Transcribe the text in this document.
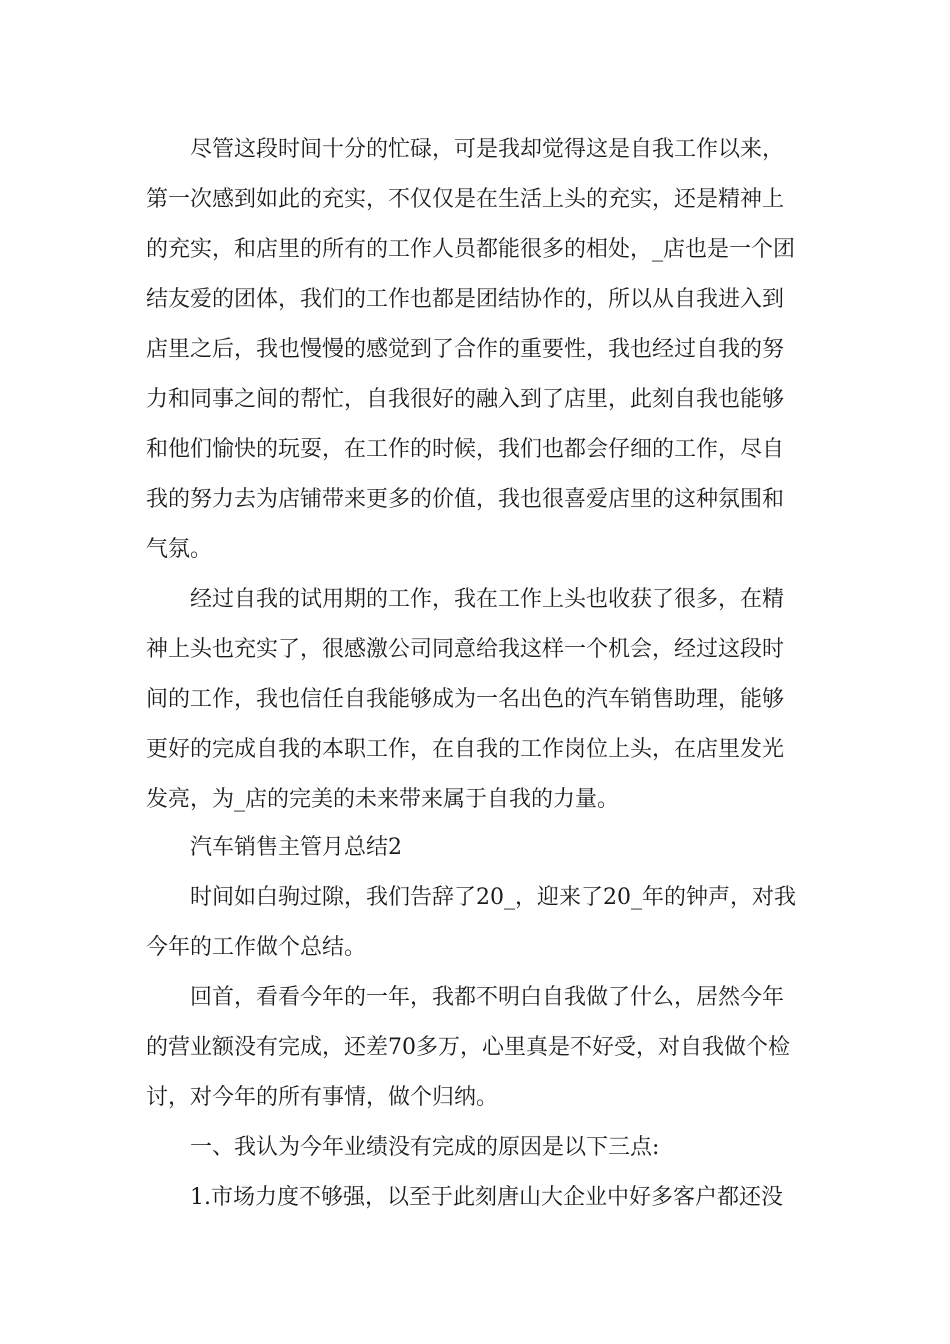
尽管这段时间十分的忙碌，可是我却觉得这是自我工作以来，
第一次感到如此的充实，不仅仅是在生活上头的充实，还是精神上
的充实，和店里的所有的工作人员都能很多的相处，_店也是一个团
结友爱的团体，我们的工作也都是团结协作的，所以从自我进入到
店里之后，我也慢慢的感觉到了合作的重要性，我也经过自我的努
力和同事之间的帮忙，自我很好的融入到了店里，此刻自我也能够
和他们愉快的玩耍，在工作的时候，我们也都会仔细的工作，尽自
我的努力去为店铺带来更多的价值，我也很喜爱店里的这种氛围和
气氛。
经过自我的试用期的工作，我在工作上头也收获了很多，在精
神上头也充实了，很感激公司同意给我这样一个机会，经过这段时
间的工作，我也信任自我能够成为一名出色的汽车销售助理，能够
更好的完成自我的本职工作，在自我的工作岗位上头，在店里发光
发亮，为_店的完美的未来带来属于自我的力量。
汽车销售主管月总结2
时间如白驹过隙，我们告辞了20_，迎来了20_年的钟声，对我
今年的工作做个总结。
回首，看看今年的一年，我都不明白自我做了什么，居然今年
的营业额没有完成，还差70多万，心里真是不好受，对自我做个检
讨，对今年的所有事情，做个归纳。
一、我认为今年业绩没有完成的原因是以下三点:
1.市场力度不够强，以至于此刻唐山大企业中好多客户都还没
